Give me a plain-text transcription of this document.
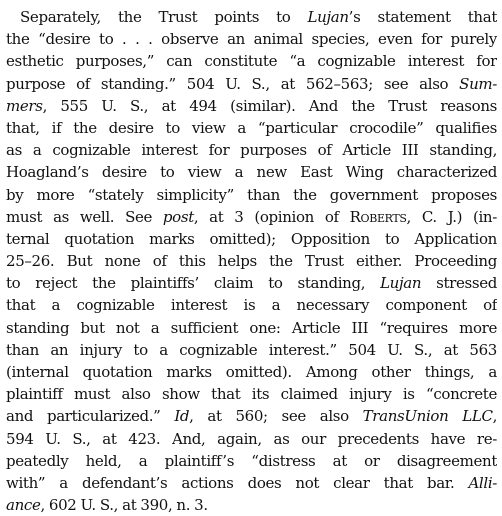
Separately, the Trust points to Lujan’s statement that
the “desire to . . . observe an animal species, even for purely
esthetic purposes,” can constitute “a cognizable interest for
purpose of standing.” 504 U. S., at 562–563; see also Sum-
mers, 555 U. S., at 494 (similar). And the Trust reasons
that, if the desire to view a “particular crocodile” qualifies
as a cognizable interest for purposes of Article III standing,
Hoagland’s desire to view a new East Wing characterized
by more “stately simplicity” than the government proposes
must as well. See post, at 3 (opinion of Roberts, C. J.) (in-
ternal quotation marks omitted); Opposition to Application
25–26. But none of this helps the Trust either. Proceeding
to reject the plaintiffs’ claim to standing, Lujan stressed
that a cognizable interest is a necessary component of
standing but not a sufficient one: Article III “requires more
than an injury to a cognizable interest.” 504 U. S., at 563
(internal quotation marks omitted). Among other things, a
plaintiff must also show that its claimed injury is “concrete
and particularized.” Id, at 560; see also TransUnion LLC,
594 U. S., at 423. And, again, as our precedents have re-
peatedly held, a plaintiff’s “distress at or disagreement
with” a defendant’s actions does not clear that bar. Alli-
ance, 602 U. S., at 390, n. 3.
